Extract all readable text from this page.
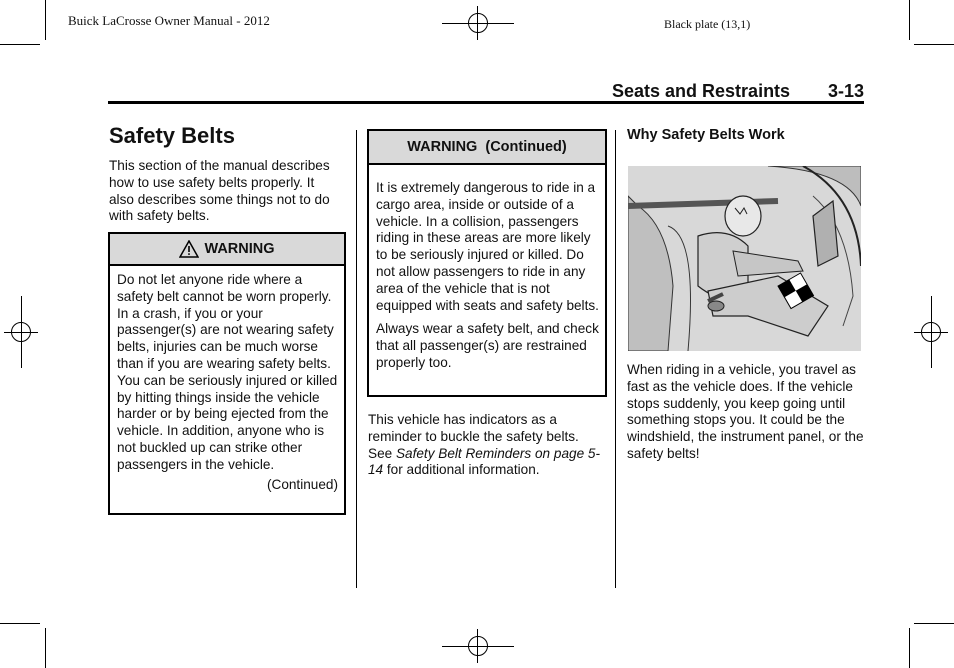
Buick LaCrosse Owner Manual - 2012	Black plate (13,1)
Seats and Restraints 3-13
Safety Belts
This section of the manual describes how to use safety belts properly. It also describes some things not to do with safety belts.
WARNING

Do not let anyone ride where a safety belt cannot be worn properly. In a crash, if you or your passenger(s) are not wearing safety belts, injuries can be much worse than if you are wearing safety belts. You can be seriously injured or killed by hitting things inside the vehicle harder or by being ejected from the vehicle. In addition, anyone who is not buckled up can strike other passengers in the vehicle.

(Continued)

WARNING  (Continued)

It is extremely dangerous to ride in a cargo area, inside or outside of a vehicle. In a collision, passengers riding in these areas are more likely to be seriously injured or killed. Do not allow passengers to ride in any area of the vehicle that is not equipped with seats and safety belts.

Always wear a safety belt, and check that all passenger(s) are restrained properly too.

This vehicle has indicators as a reminder to buckle the safety belts. See Safety Belt Reminders on page 5-14 for additional information.
Why Safety Belts Work
When riding in a vehicle, you travel as fast as the vehicle does. If the vehicle stops suddenly, you keep going until something stops you. It could be the windshield, the instrument panel, or the safety belts!
